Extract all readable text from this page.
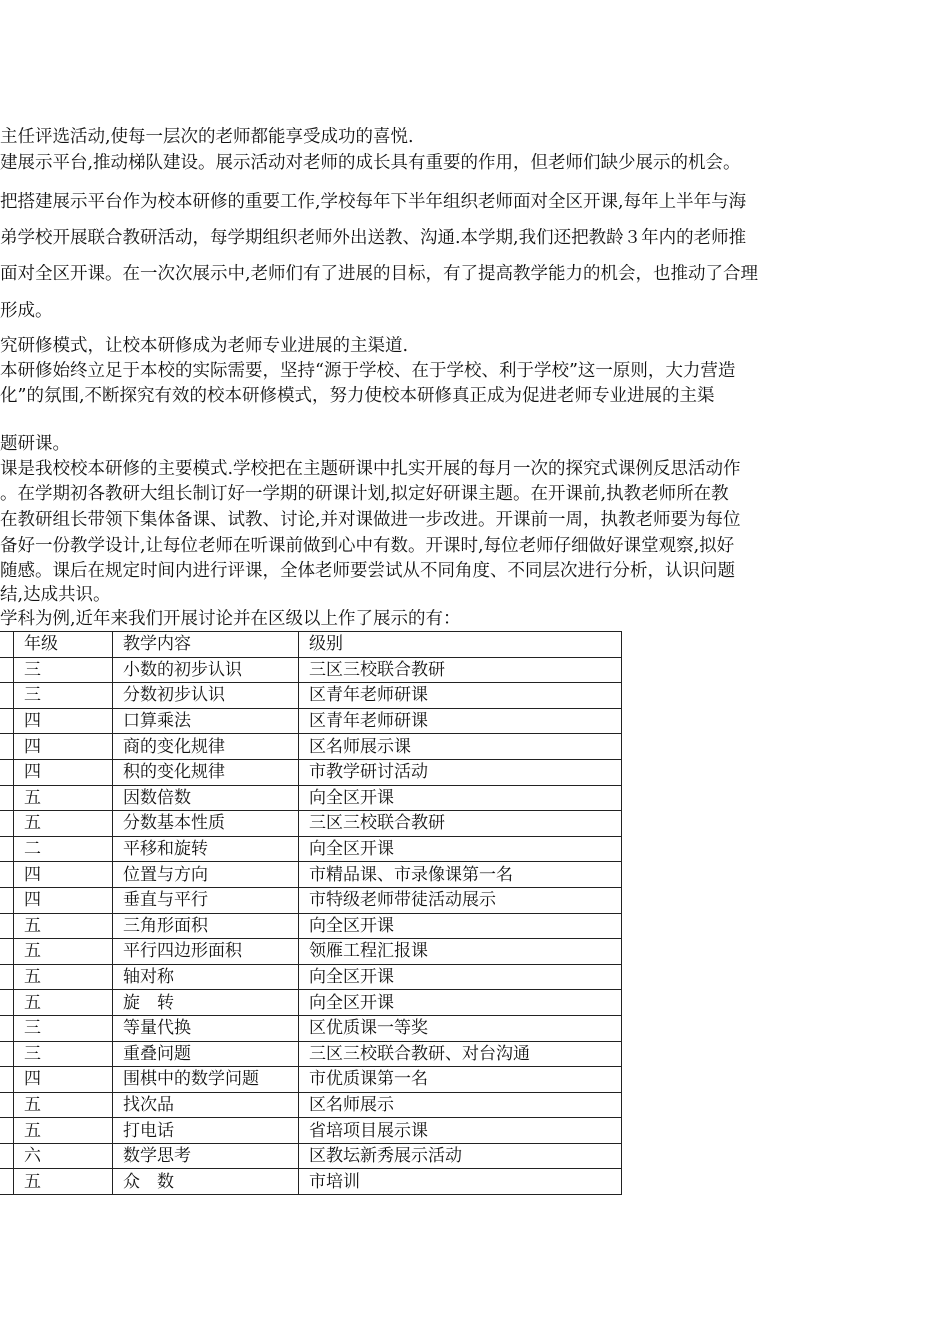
主任评选活动,使每一层次的老师都能享受成功的喜悦.

建展示平台,推动梯队建设。展示活动对老师的成长具有重要的作用，但老师们缺少展示的机会。

把搭建展示平台作为校本研修的重要工作,学校每年下半年组织老师面对全区开课,每年上半年与海

弟学校开展联合教研活动，每学期组织老师外出送教、沟通.本学期,我们还把教龄３年内的老师推

面对全区开课。在一次次展示中,老师们有了进展的目标，有了提高教学能力的机会，也推动了合理

形成。

究研修模式，让校本研修成为老师专业进展的主渠道.

本研修始终立足于本校的实际需要，坚持“源于学校、在于学校、利于学校”这一原则，大力营造

化”的氛围,不断探究有效的校本研修模式，努力使校本研修真正成为促进老师专业进展的主渠

题研课。

课是我校校本研修的主要模式.学校把在主题研课中扎实开展的每月一次的探究式课例反思活动作

。在学期初各教研大组长制订好一学期的研课计划,拟定好研课主题。在开课前,执教老师所在教

在教研组长带领下集体备课、试教、讨论,并对课做进一步改进。开课前一周，执教老师要为每位

备好一份教学设计,让每位老师在听课前做到心中有数。开课时,每位老师仔细做好课堂观察,拟好

随感。课后在规定时间内进行评课，全体老师要尝试从不同角度、不同层次进行分析，认识问题

结,达成共识。

学科为例,近年来我们开展讨论并在区级以上作了展示的有：

	年级	教学内容	级别
	三	小数的初步认识	三区三校联合教研
	三	分数初步认识	区青年老师研课
	四	口算乘法	区青年老师研课
	四	商的变化规律	区名师展示课
	四	积的变化规律	市教学研讨活动
	五	因数倍数	向全区开课
	五	分数基本性质	三区三校联合教研
	二	平移和旋转	向全区开课
	四	位置与方向	市精品课、市录像课第一名
	四	垂直与平行	市特级老师带徒活动展示
	五	三角形面积	向全区开课
	五	平行四边形面积	领雁工程汇报课
	五	轴对称	向全区开课
	五	旋　转	向全区开课
	三	等量代换	区优质课一等奖
	三	重叠问题	三区三校联合教研、对台沟通
	四	围棋中的数学问题	市优质课第一名
	五	找次品	区名师展示
	五	打电话	省培项目展示课
	六	数学思考	区教坛新秀展示活动
	五	众　数	市培训
